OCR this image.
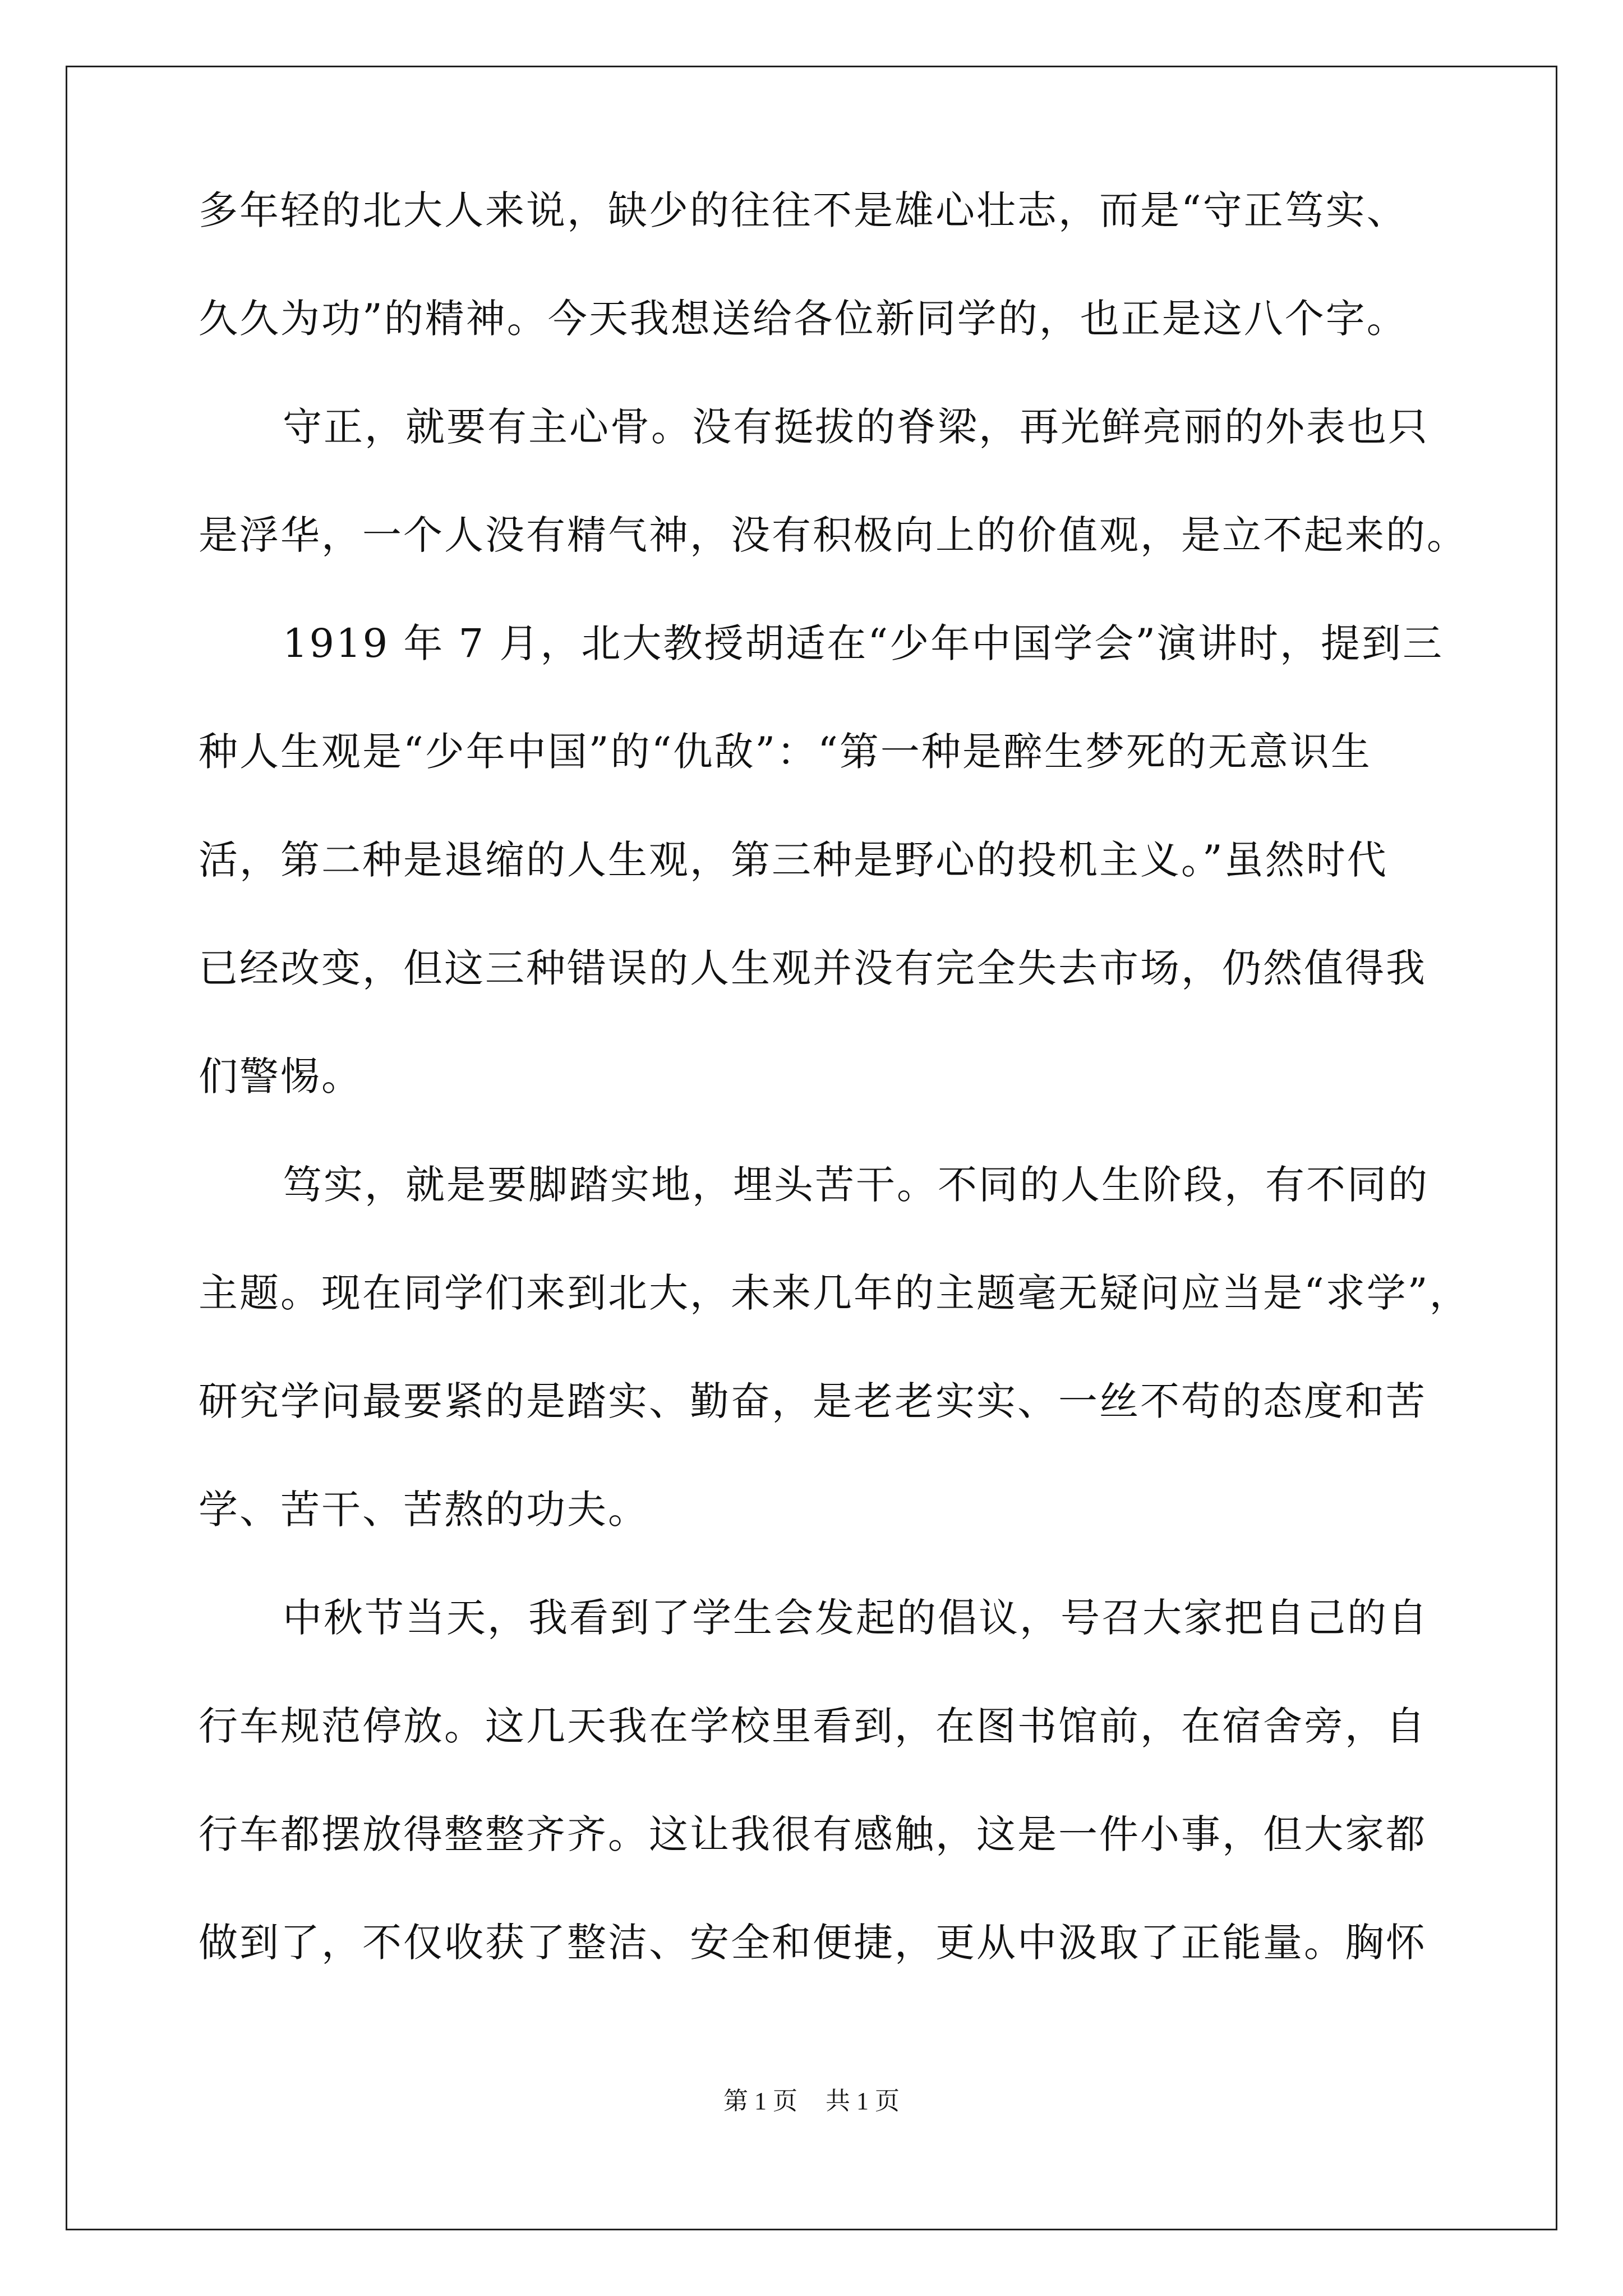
多年轻的北大人来说，缺少的往往不是雄心壮志，而是“守正笃实、
久久为功”的精神。今天我想送给各位新同学的，也正是这八个字。
守正，就要有主心骨。没有挺拔的脊梁，再光鲜亮丽的外表也只
是浮华，一个人没有精气神，没有积极向上的价值观，是立不起来的。
1919 年 7 月，北大教授胡适在“少年中国学会”演讲时，提到三
种人生观是“少年中国”的“仇敌”：“第一种是醉生梦死的无意识生
活，第二种是退缩的人生观，第三种是野心的投机主义。”虽然时代
已经改变，但这三种错误的人生观并没有完全失去市场，仍然值得我
们警惕。
笃实，就是要脚踏实地，埋头苦干。不同的人生阶段，有不同的
主题。现在同学们来到北大，未来几年的主题毫无疑问应当是“求学”，
研究学问最要紧的是踏实、勤奋，是老老实实、一丝不苟的态度和苦
学、苦干、苦熬的功夫。
中秋节当天，我看到了学生会发起的倡议，号召大家把自己的自
行车规范停放。这几天我在学校里看到，在图书馆前，在宿舍旁，自
行车都摆放得整整齐齐。这让我很有感触，这是一件小事，但大家都
做到了，不仅收获了整洁、安全和便捷，更从中汲取了正能量。胸怀
第 1 页 共 1 页
